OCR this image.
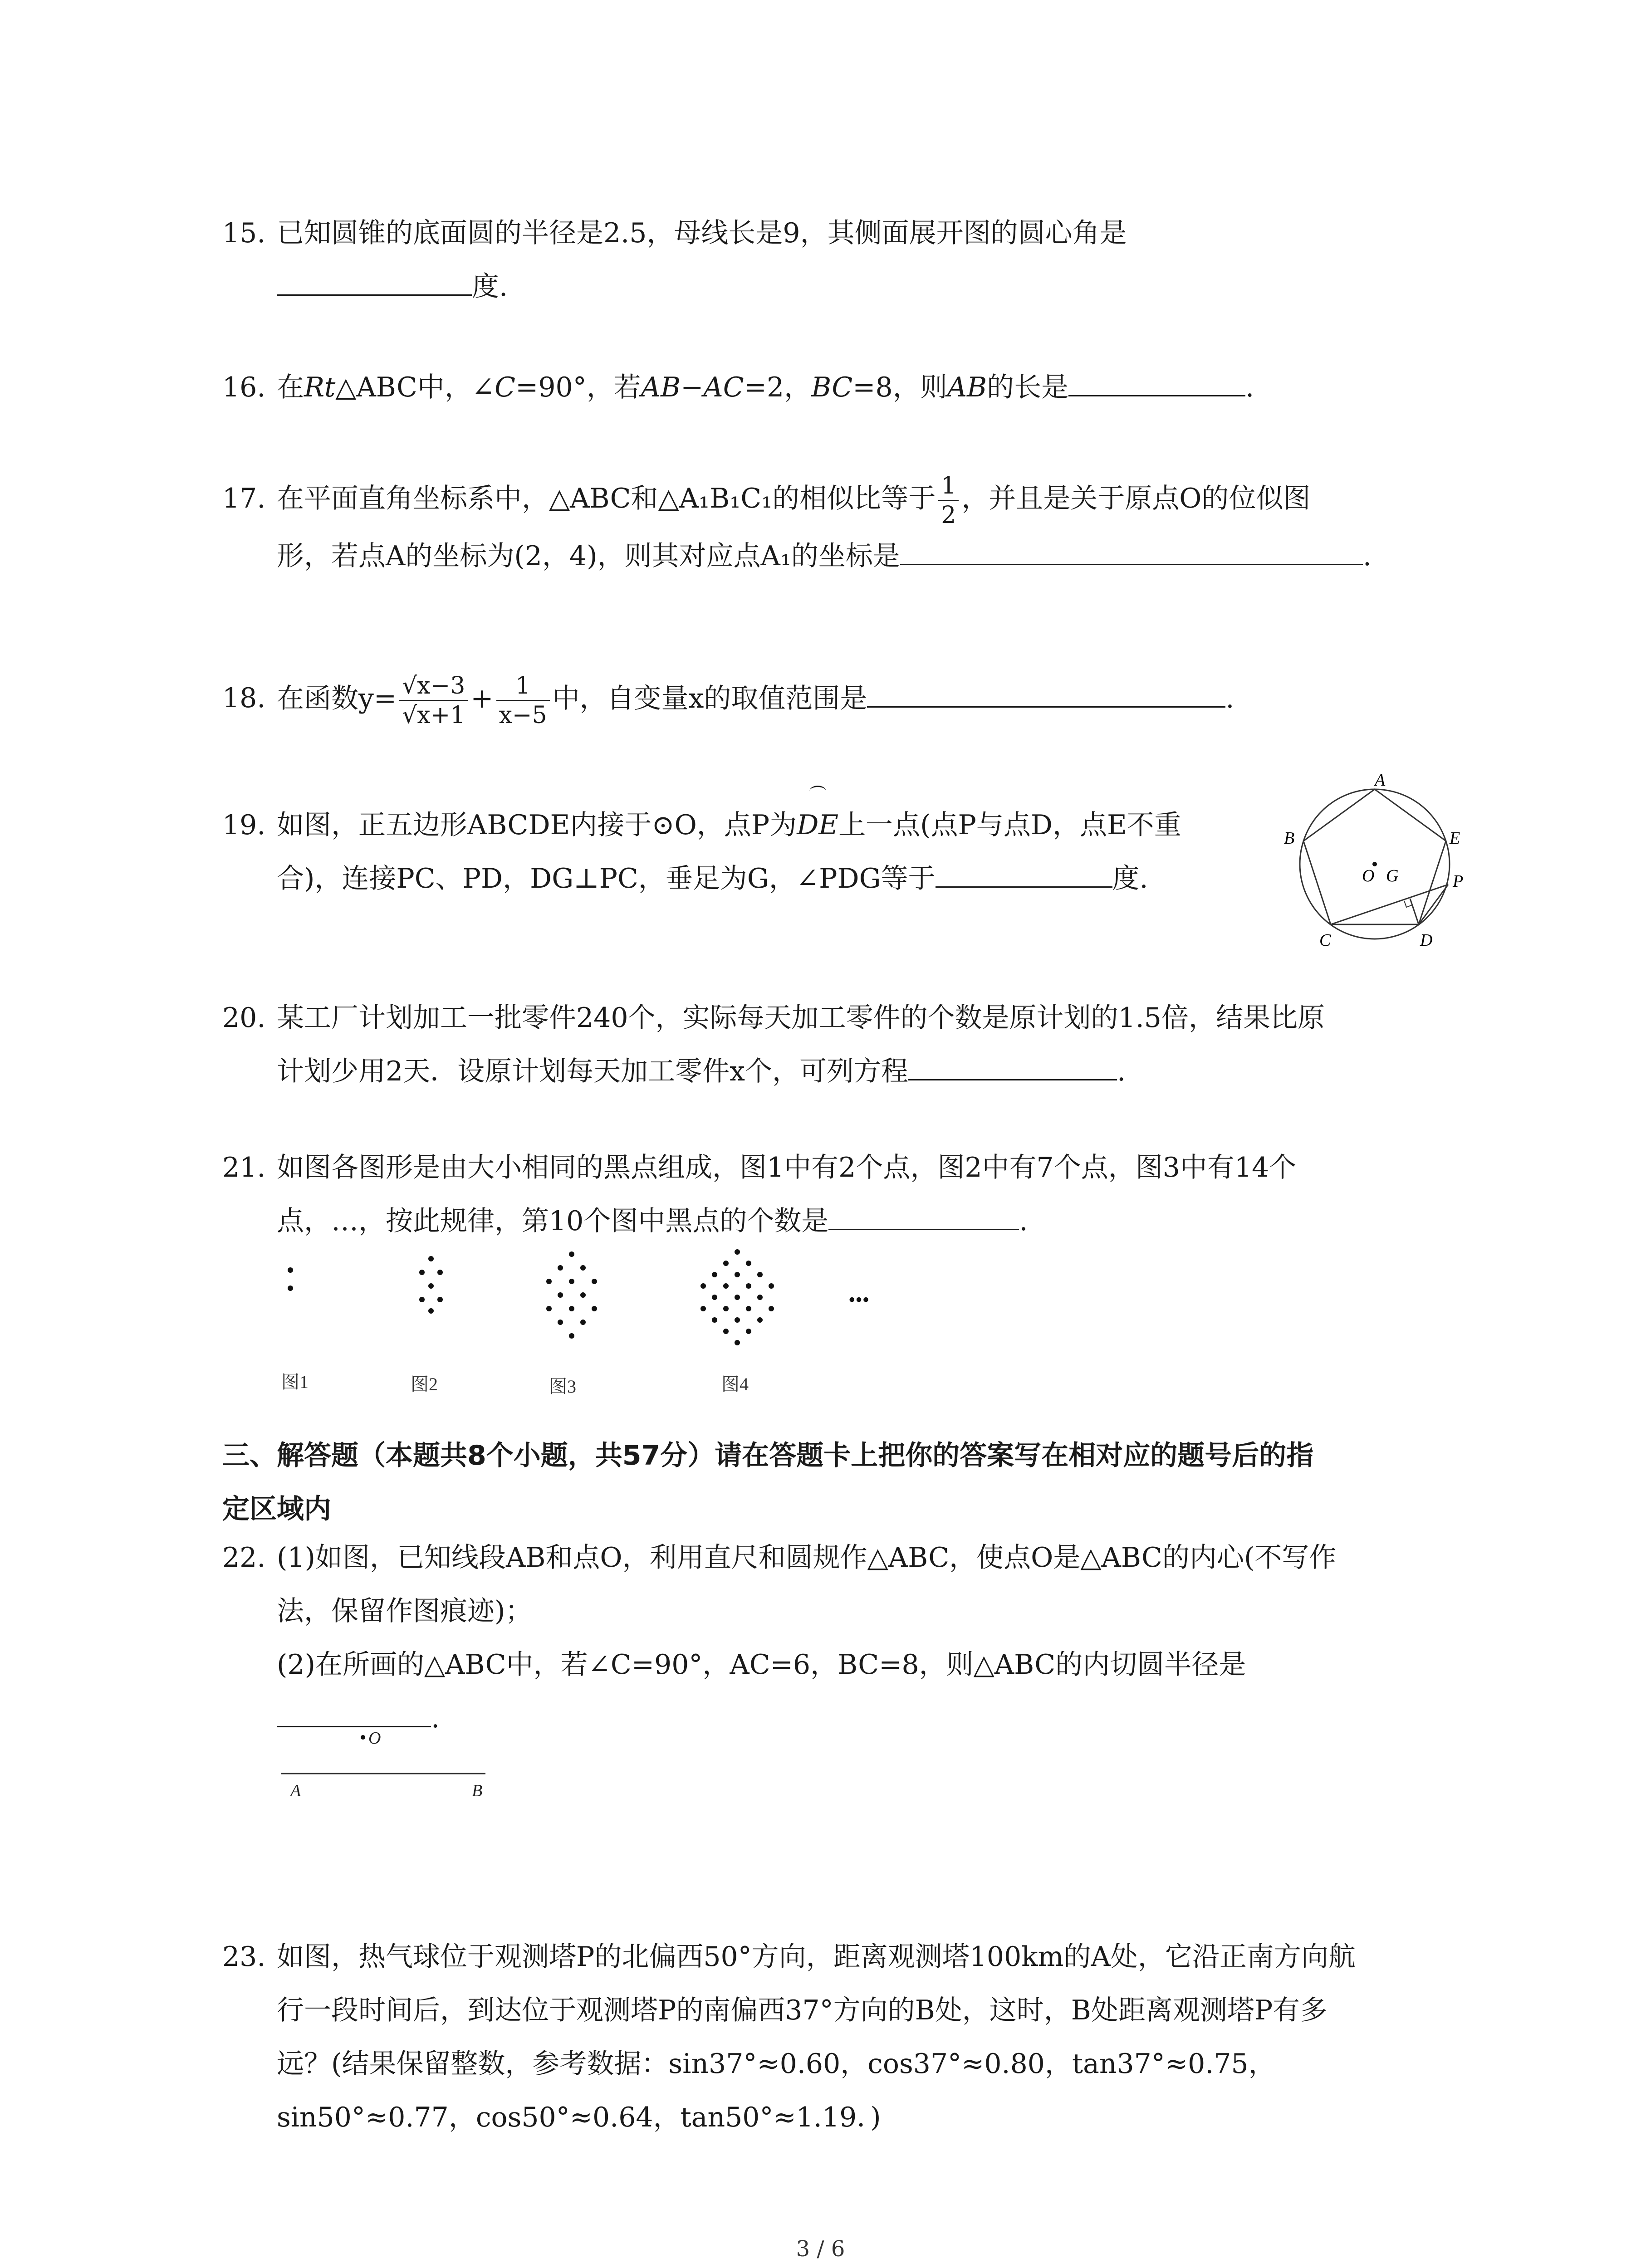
15. 已知圆锥的底面圆的半径是2.5，母线长是9，其侧面展开图的圆心角是
度.
16. 在Rt△ABC中，∠C=90°，若AB−AC=2，BC=8，则AB的长是	.
17. 在平面直角坐标系中，△ABC和△A₁B₁C₁的相似比等于 $\frac{1}{2}$ ，并且是关于原点O的位似图
形，若点A的坐标为(2，4)，则其对应点A₁的坐标是	.
18. 在函数$y= \frac{√x-3}{√x+1} + \frac{1}{x-5}$ 中，自变量x的取值范围是	.
19. 如图，正五边形ABCDE内接于⊙O，点P为DE上一点(点P与点D，点E不重
合)，连接PC、PD，DG⊥PC，垂足为G，∠PDG等于	度.
A
B
C	D
E
P
O G
20. 某工厂计划加工一批零件240个，实际每天加工零件的个数是原计划的1.5倍，结果比原
计划少用2天．设原计划每天加工零件x个，可列方程	.
21. 如图各图形是由大小相同的黑点组成，图1中有2个点，图2中有7个点，图3中有14个
点，…，按此规律，第10个图中黑点的个数是	.
•••
图1	图2	图3	图4
三、解答题（本题共8个小题，共57分）请在答题卡上把你的答案写在相对应的题号后的指
定区域内
22. (1)如图，已知线段AB和点O，利用直尺和圆规作△ABC，使点O是△ABC的内心(不写作
法，保留作图痕迹)；
(2)在所画的△ABC中，若∠C=90°，AC=6，BC=8，则△ABC的内切圆半径是
.
O
A	B
23. 如图，热气球位于观测塔P的北偏西50°方向，距离观测塔100km的A处，它沿正南方向航
行一段时间后，到达位于观测塔P的南偏西37°方向的B处，这时，B处距离观测塔P有多
远？(结果保留整数，参考数据：sin37°≈0.60，cos37°≈0.80，tan37°≈0.75，
sin50°≈0.77，cos50°≈0.64，tan50°≈1.19．)
3 / 6
